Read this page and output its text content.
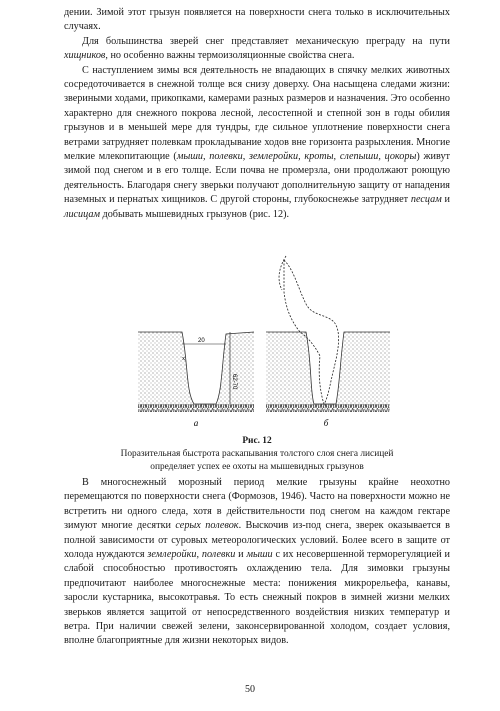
дении. Зимой этот грызун появляется на поверхности снега только в исключительных случаях.

Для большинства зверей снег представляет механическую преграду на пути хищников, но особенно важны термоизоляционные свойства снега.

С наступлением зимы вся деятельность не впадающих в спячку мелких животных сосредоточивается в снежной толще вся снизу доверху. Она насыщена следами жизни: звериными ходами, прикопками, камерами разных размеров и назначения. Это особенно характерно для снежного покрова лесной, лесостепной и степной зон в годы обилия грызунов и в меньшей мере для тундры, где сильное уплотнение поверхности снега ветрами затрудняет полевкам прокладывание ходов вне горизонта разрыхления. Многие мелкие млекопитающие (мыши, полевки, землеройки, кроты, слепыши, цокоры) живут зимой под снегом и в его толще. Если почва не промерзла, они продолжают роющую деятельность. Благодаря снегу зверьки получают дополнительную защиту от нападения наземных и пернатых хищников. С другой стороны, глубокоснежье затрудняет песцам и лисицам добывать мышевидных грызунов (рис. 12).

20
62-70
x
а	б
Рис. 12
Поразительная быстрота раскапывания толстого слоя снега лисицей
определяет успех ее охоты на мышевидных грызунов

В многоснежный морозный период мелкие грызуны крайне неохотно перемещаются по поверхности снега (Формозов, 1946). Часто на поверхности можно не встретить ни одного следа, хотя в действительности под снегом на каждом гектаре зимуют многие десятки серых полевок. Выскочив из-под снега, зверек оказывается в полной зависимости от суровых метеорологических условий. Более всего в защите от холода нуждаются землеройки, полевки и мыши с их несовершенной терморегуляцией и слабой способностью противостоять охлаждению тела. Для зимовки грызуны предпочитают наиболее многоснежные места: понижения микрорельефа, канавы, заросли кустарника, высокотравья. То есть снежный покров в зимней жизни мелких зверьков является защитой от непосредственного воздействия низких температур и ветра. При наличии свежей зелени, законсервированной холодом, создает условия, вполне благоприятные для жизни некоторых видов.

50
